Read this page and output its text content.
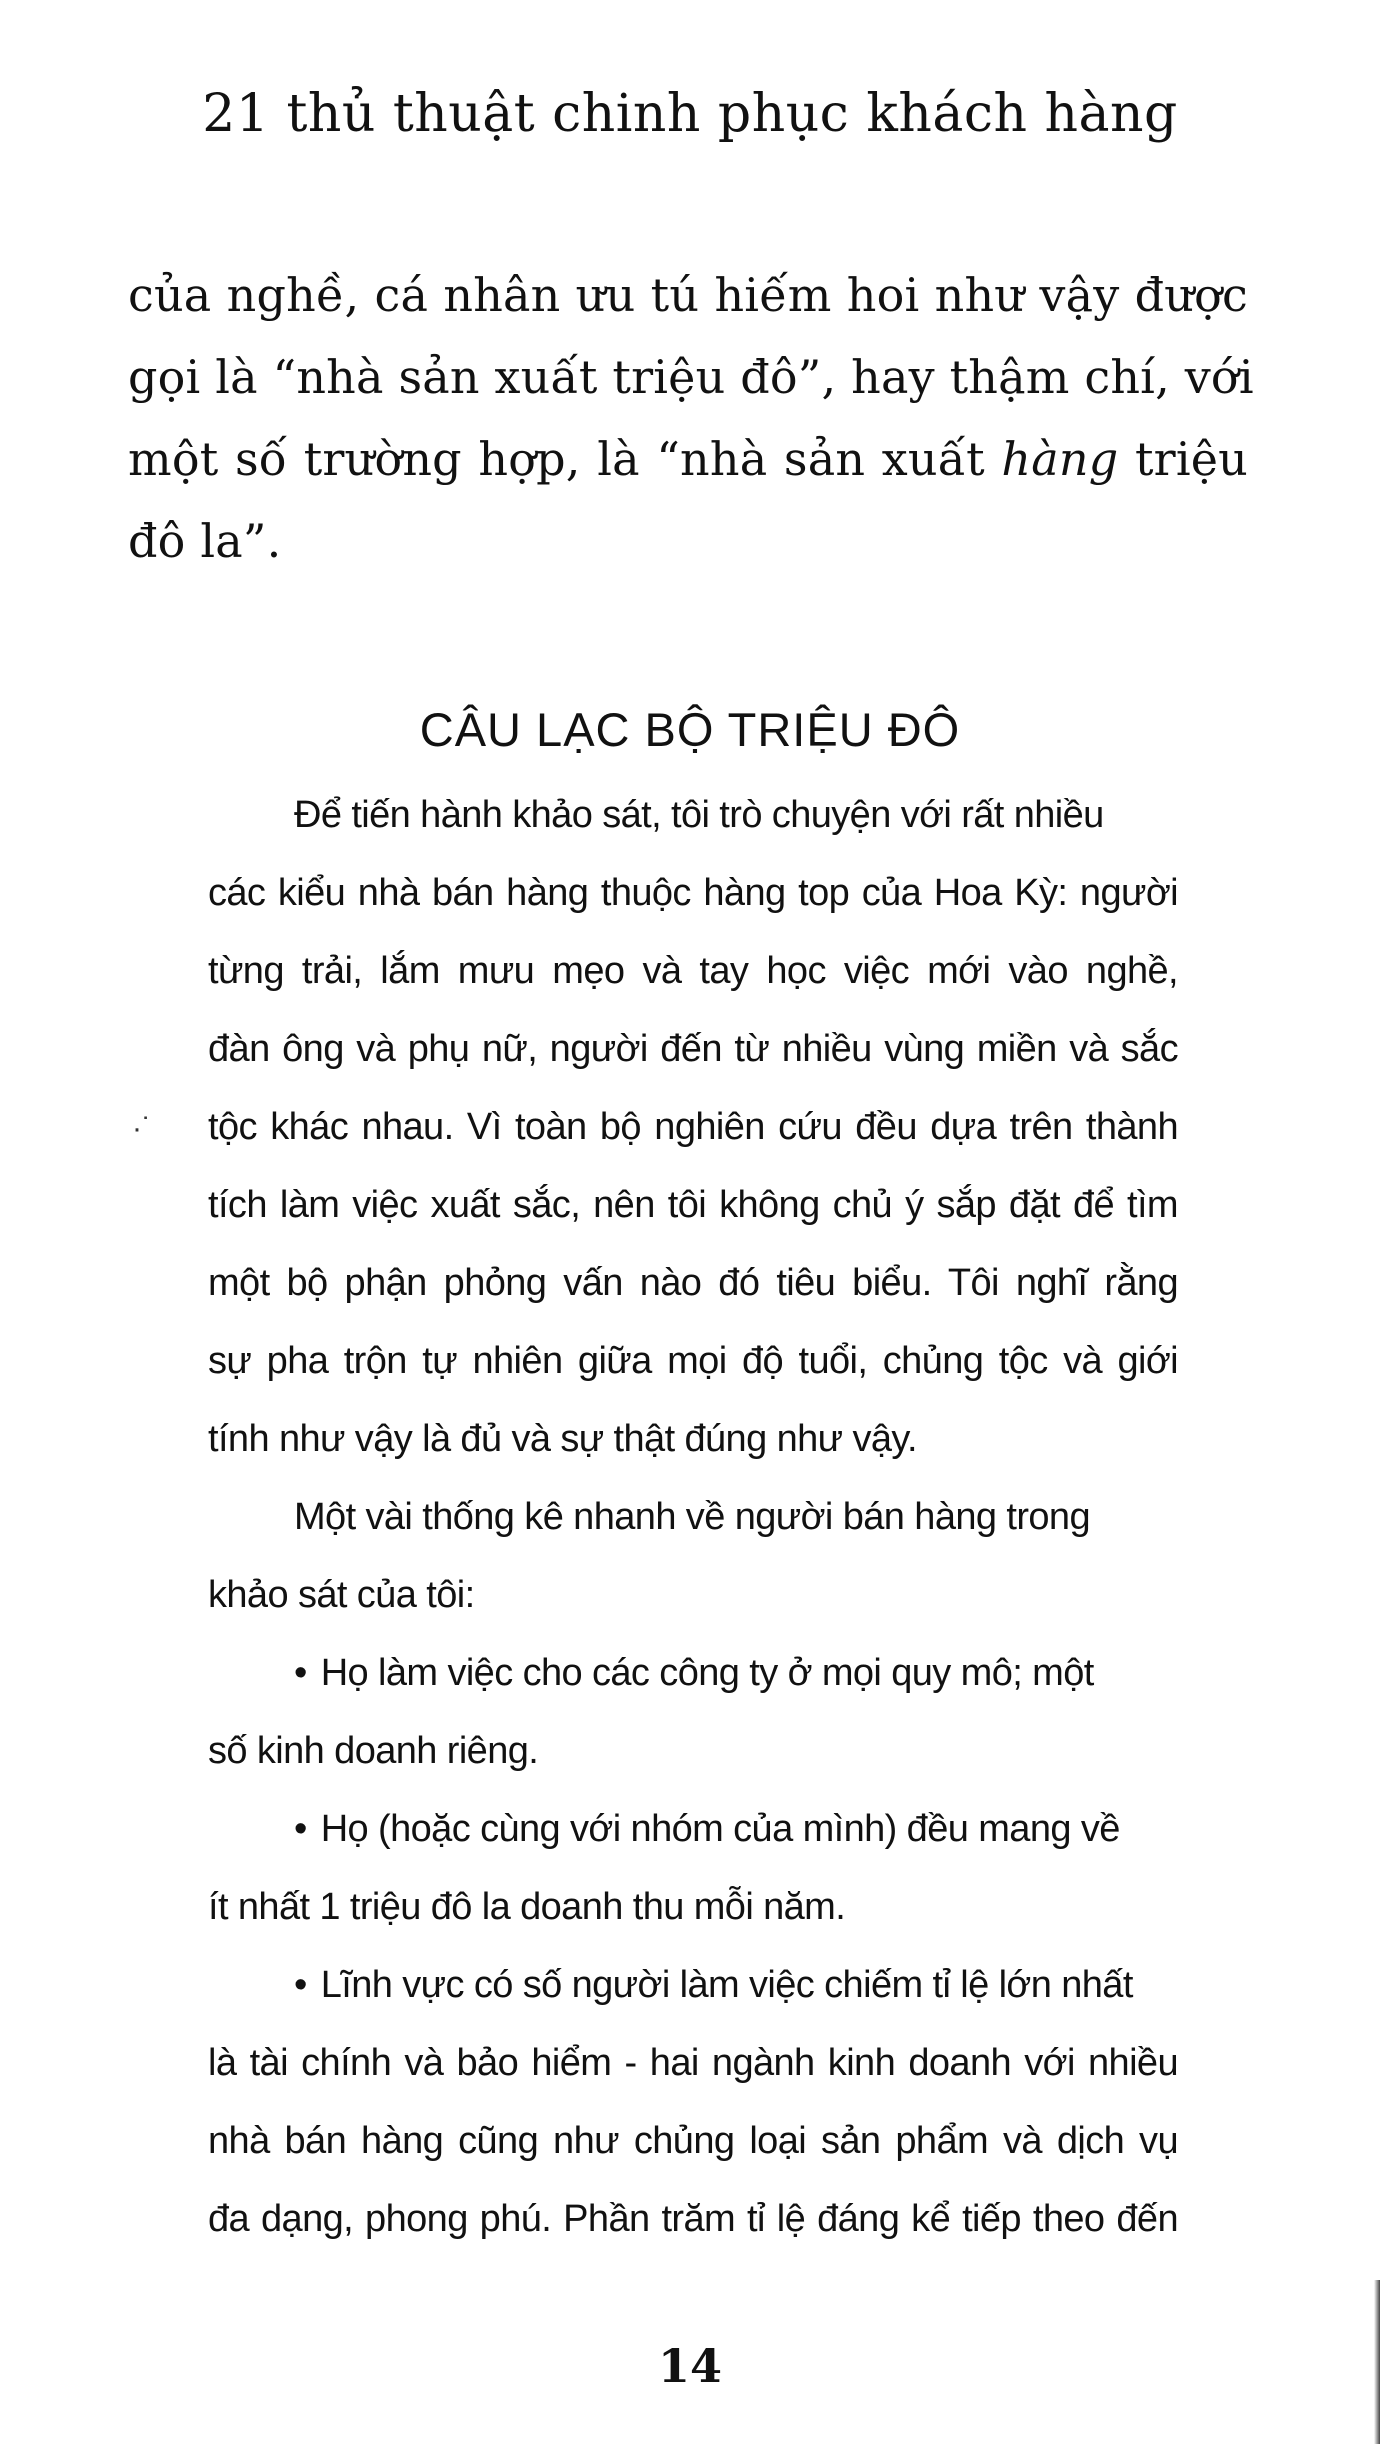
21 thủ thuật chinh phục khách hàng
của nghề, cá nhân ưu tú hiếm hoi như vậy được
gọi là “nhà sản xuất triệu đô”, hay thậm chí, với
một số trường hợp, là “nhà sản xuất hàng triệu
đô la”.
CÂU LẠC BỘ TRIỆU ĐÔ
·˙
Để tiến hành khảo sát, tôi trò chuyện với rất nhiều
các kiểu nhà bán hàng thuộc hàng top của Hoa Kỳ: người
từng trải, lắm mưu mẹo và tay học việc mới vào nghề,
đàn ông và phụ nữ, người đến từ nhiều vùng miền và sắc
tộc khác nhau. Vì toàn bộ nghiên cứu đều dựa trên thành
tích làm việc xuất sắc, nên tôi không chủ ý sắp đặt để tìm
một bộ phận phỏng vấn nào đó tiêu biểu. Tôi nghĩ rằng
sự pha trộn tự nhiên giữa mọi độ tuổi, chủng tộc và giới
tính như vậy là đủ và sự thật đúng như vậy.
Một vài thống kê nhanh về người bán hàng trong
khảo sát của tôi:
• Họ làm việc cho các công ty ở mọi quy mô; một
số kinh doanh riêng.
• Họ (hoặc cùng với nhóm của mình) đều mang về
ít nhất 1 triệu đô la doanh thu mỗi năm.
• Lĩnh vực có số người làm việc chiếm tỉ lệ lớn nhất
là tài chính và bảo hiểm - hai ngành kinh doanh với nhiều
nhà bán hàng cũng như chủng loại sản phẩm và dịch vụ
đa dạng, phong phú. Phần trăm tỉ lệ đáng kể tiếp theo đến
14
